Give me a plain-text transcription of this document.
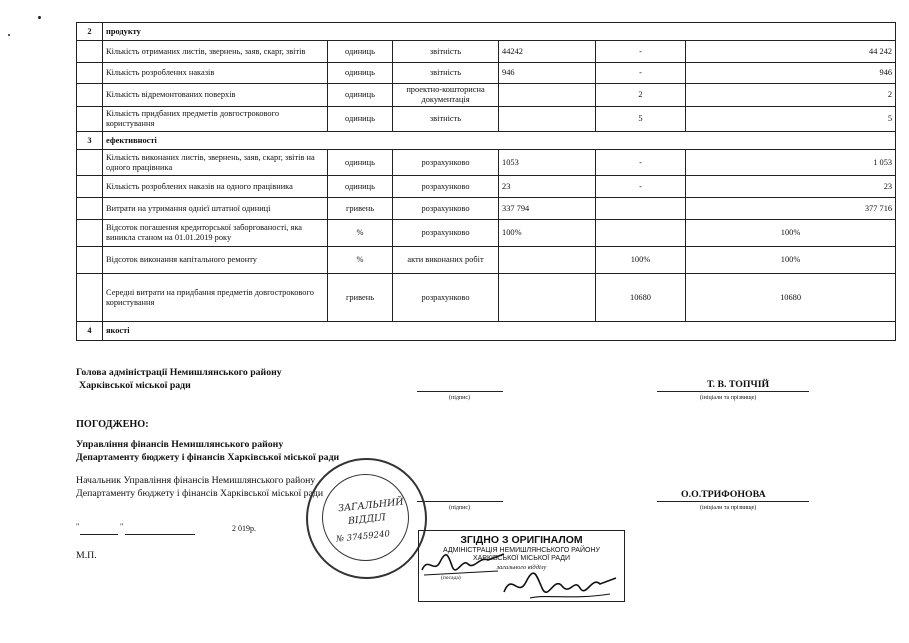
2	продукту					
	Кількість отриманих листів, звернень, заяв, скарг, звітів	одиниць	звітність	44242	-	44 242
	Кількість розроблених наказів	одиниць	звітність	946	-	946
	Кількість відремонтованих поверхів	одиниць	проектно-кошторисна документація		2	2
	Кількість придбаних предметів довгострокового користування	одиниць	звітність		5	5
3	ефективності					
	Кількість виконаних листів, звернень, заяв, скарг, звітів на одного працівника	одиниць	розрахунково	1053	-	1 053
	Кількість розроблених наказів на одного працівника	одиниць	розрахунково	23	-	23
	Витрати на утримання однієї штатної одиниці	гривень	розрахунково	337 794		377 716
	Відсоток погашення кредиторської заборгованості, яка виникла станом на 01.01.2019 року	%	розрахунково	100%		100%
	Відсоток виконання капітального ремонту	%	акти виконаних робіт		100%	100%
	Середні витрати на придбання предметів довгострокового користування	гривень	розрахунково		10680	10680
4	якості					
Голова адміністрації Немишлянського району
Харківської міської ради
(підпис)
Т. В. ТОПЧІЙ
(ініціали та прізвище)
ПОГОДЖЕНО:
Управління фінансів Немишлянського району
Департаменту бюджету і фінансів Харківської міської ради
Начальник Управління фінансів Немишлянського району
Департаменту бюджету і фінансів Харківської міської ради
(підпис)
О.О.ТРИФОНОВА
(ініціали та прізвище)
"	"	2 019р.
М.П.
ЗАГАЛЬНИЙ
ВІДДІЛ
№ 37459240	ЗГІДНО З ОРИГІНАЛОМ
АДМІНІСТРАЦІЯ НЕМИШЛЯНСЬКОГО РАЙОНУ
ХАРКІВСЬКОЇ МІСЬКОЇ РАДИ
загального відділу
(посада)
